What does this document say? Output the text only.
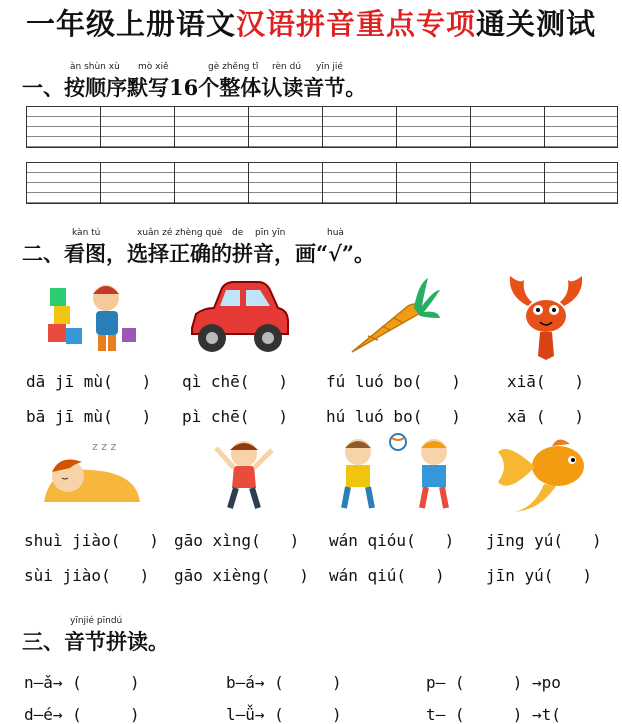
一年级上册语文汉语拼音重点专项通关测试
àn shùn xù mò xiě	gè zhěng tǐ rèn dú yīn jié
一、按顺序默写16个整体认读音节。
kàn tú	xuǎn zé zhèng què de pīn yīn	huà
二、看图，选择正确的拼音，画“√”。
dā jī mù(   ) qì chē(   ) fú luó bo(   )	xiā(   )
bā jī mù(   ) pì chē(   ) hú luó bo(   )	xā (   )
z z z
shuì jiào(   ) gāo xìng(   ) wán qióu(   ) jīng yú(   )
sùi jiào(   ) gāo xièng(   ) wán qiú(   )	jīn yú(   )
yīnjié pīndú
三、音节拼读。
n—ǎ→ (     )	b—á→ (     )	p— (     ) →po
d—é→ (     )	l—ǚ→ (     )	t— (     ) →t(
